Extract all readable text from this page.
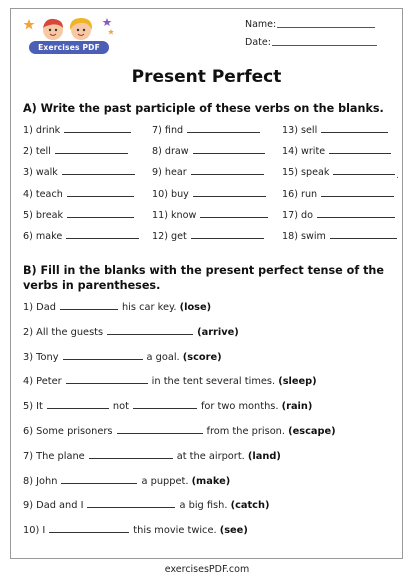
Exercises PDF
Name:
Date:
Present Perfect
A) Write the past participle of these verbs on the blanks.
1) drink
2) tell
3) walk
4) teach
5) break
6) make
7) find
8) draw
9) hear
10) buy
11) know
12) get
13) sell
14) write
15) speak
16) run
17) do
18) swim
B) Fill in the blanks with the present perfect tense of the verbs in parentheses.
1) Dad	his car key. (lose)
2) All the guests	(arrive)
3) Tony	a goal. (score)
4) Peter	in the tent several times. (sleep)
5) It	not	for two months. (rain)
6) Some prisoners	from the prison. (escape)
7) The plane	at the airport. (land)
8) John	a puppet. (make)
9) Dad and I	a big fish. (catch)
10) I	this movie twice. (see)
.
exercisesPDF.com
